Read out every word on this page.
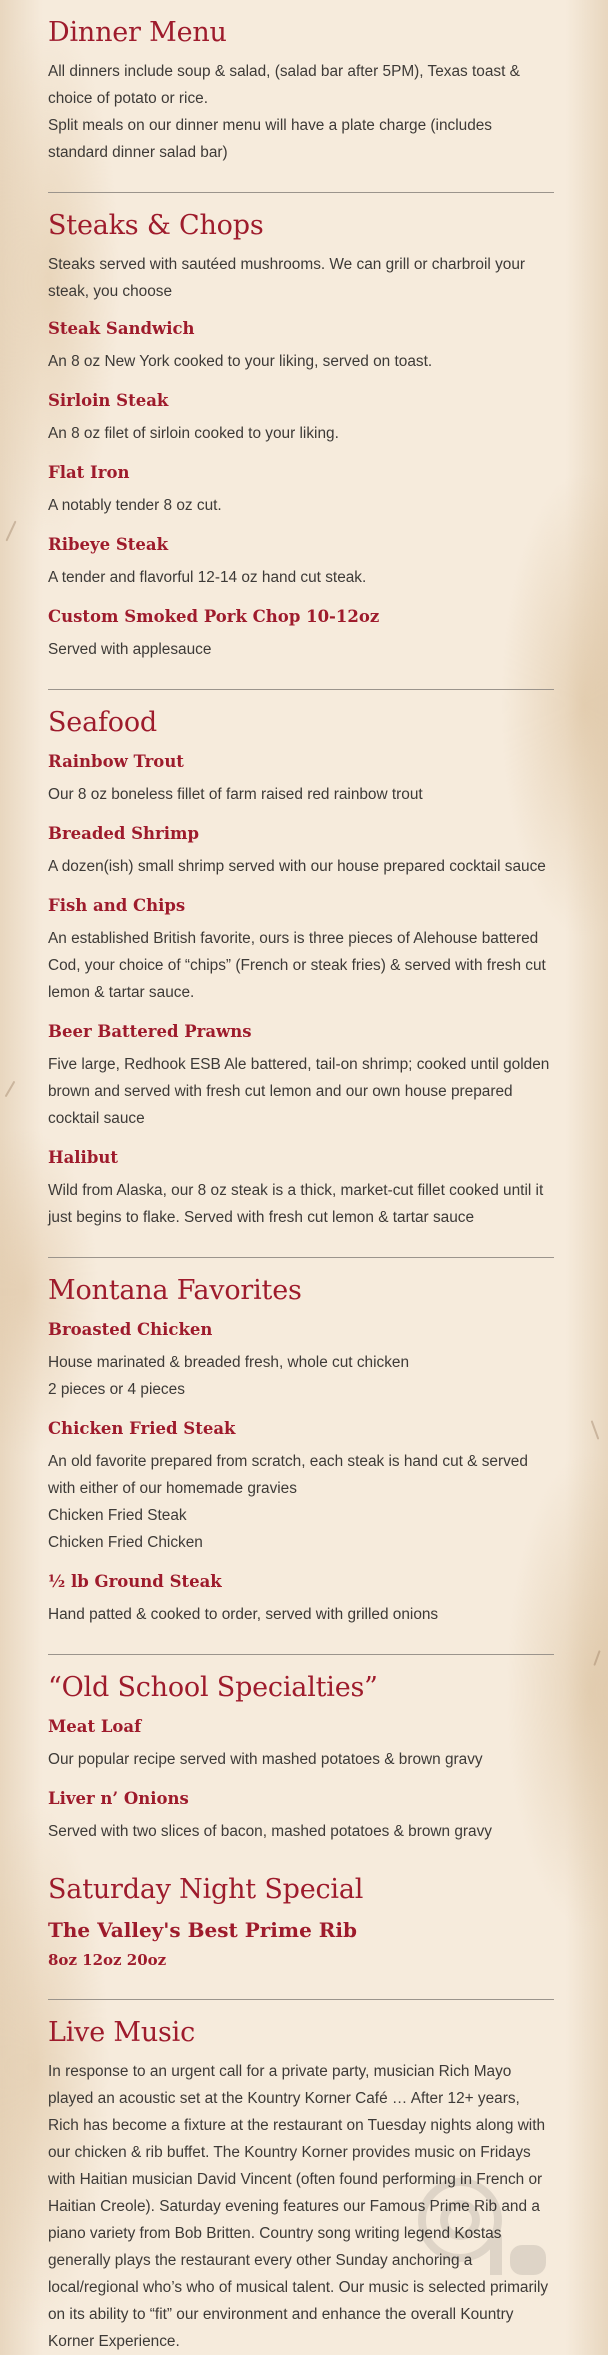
Dinner Menu

All dinners include soup & salad, (salad bar after 5PM), Texas toast & choice of potato or rice.

Split meals on our dinner menu will have a plate charge (includes standard dinner salad bar)

Steaks & Chops

Steaks served with sautéed mushrooms. We can grill or charbroil your steak, you choose

Steak Sandwich

An 8 oz New York cooked to your liking, served on toast.

Sirloin Steak

An 8 oz filet of sirloin cooked to your liking.

Flat Iron

A notably tender 8 oz cut.

Ribeye Steak

A tender and flavorful 12-14 oz hand cut steak.

Custom Smoked Pork Chop 10-12oz

Served with applesauce

Seafood
Rainbow Trout

Our 8 oz boneless fillet of farm raised red rainbow trout

Breaded Shrimp

A dozen(ish) small shrimp served with our house prepared cocktail sauce

Fish and Chips

An established British favorite, ours is three pieces of Alehouse battered Cod, your choice of “chips” (French or steak fries) & served with fresh cut lemon & tartar sauce.

Beer Battered Prawns

Five large, Redhook ESB Ale battered, tail-on shrimp; cooked until golden brown and served with fresh cut lemon and our own house prepared cocktail sauce

Halibut

Wild from Alaska, our 8 oz steak is a thick, market-cut fillet cooked until it just begins to flake. Served with fresh cut lemon & tartar sauce

Montana Favorites
Broasted Chicken

House marinated & breaded fresh, whole cut chicken

2 pieces or 4 pieces

Chicken Fried Steak

An old favorite prepared from scratch, each steak is hand cut & served with either of our homemade gravies

Chicken Fried Steak

Chicken Fried Chicken

½ lb Ground Steak

Hand patted & cooked to order, served with grilled onions

“Old School Specialties”
Meat Loaf

Our popular recipe served with mashed potatoes & brown gravy

Liver n’ Onions

Served with two slices of bacon, mashed potatoes & brown gravy

Saturday Night Special
The Valley's Best Prime Rib
8oz 12oz 20oz
Live Music

In response to an urgent call for a private party, musician Rich Mayo played an acoustic set at the Kountry Korner Café … After 12+ years, Rich has become a fixture at the restaurant on Tuesday nights along with our chicken & rib buffet. The Kountry Korner provides music on Fridays with Haitian musician David Vincent (often found performing in French or Haitian Creole). Saturday evening features our Famous Prime Rib and a piano variety from Bob Britten. Country song writing legend Kostas generally plays the restaurant every other Sunday anchoring a local/regional who’s who of musical talent. Our music is selected primarily on its ability to “fit” our environment and enhance the overall Kountry Korner Experience.
